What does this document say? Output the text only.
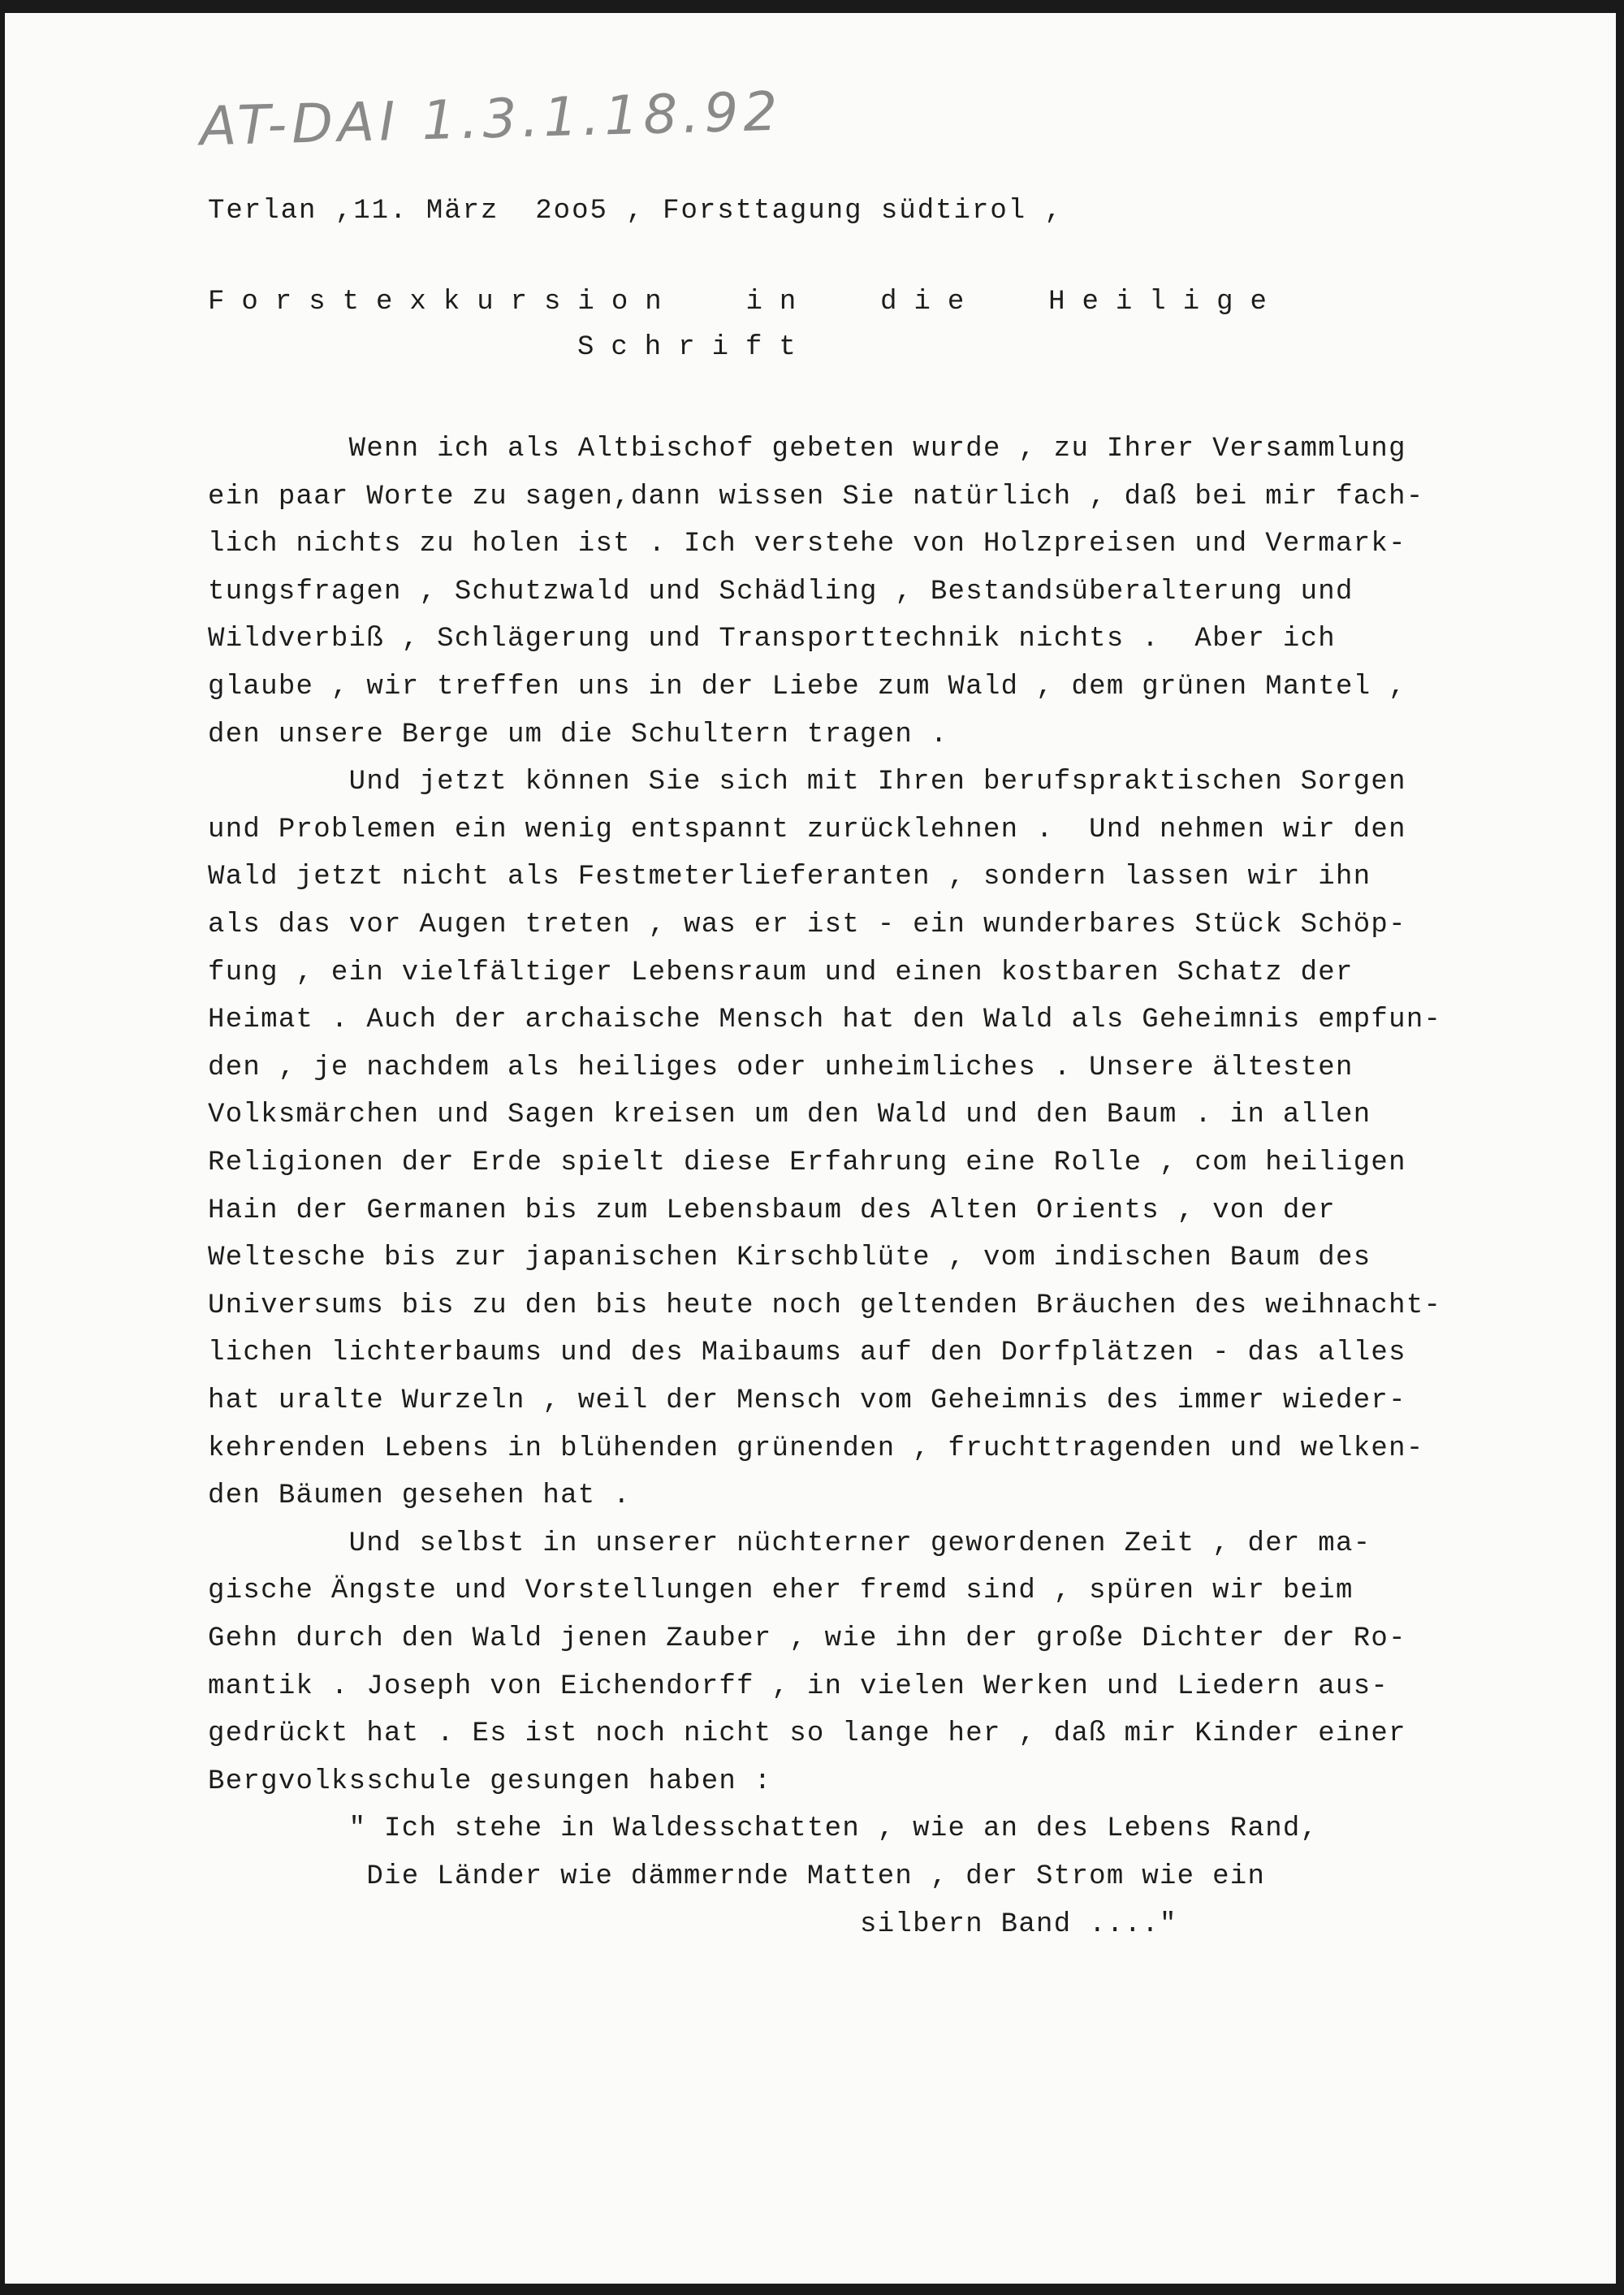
AT-DAI 1.3.1.18.92
Terlan ,11. März  2oo5 , Forsttagung südtirol ,
Forstexkursion  in  die  Heilige
Schrift
Wenn ich als Altbischof gebeten wurde , zu Ihrer Versammlung
ein paar Worte zu sagen,dann wissen Sie natürlich , daß bei mir fach-
lich nichts zu holen ist . Ich verstehe von Holzpreisen und Vermark-
tungsfragen , Schutzwald und Schädling , Bestandsüberalterung und
Wildverbiß , Schlägerung und Transporttechnik nichts .  Aber ich
glaube , wir treffen uns in der Liebe zum Wald , dem grünen Mantel ,
den unsere Berge um die Schultern tragen .
Und jetzt können Sie sich mit Ihren berufspraktischen Sorgen
und Problemen ein wenig entspannt zurücklehnen .  Und nehmen wir den
Wald jetzt nicht als Festmeterlieferanten , sondern lassen wir ihn
als das vor Augen treten , was er ist - ein wunderbares Stück Schöp-
fung , ein vielfältiger Lebensraum und einen kostbaren Schatz der
Heimat . Auch der archaische Mensch hat den Wald als Geheimnis empfun-
den , je nachdem als heiliges oder unheimliches . Unsere ältesten
Volksmärchen und Sagen kreisen um den Wald und den Baum . in allen
Religionen der Erde spielt diese Erfahrung eine Rolle , com heiligen
Hain der Germanen bis zum Lebensbaum des Alten Orients , von der
Weltesche bis zur japanischen Kirschblüte , vom indischen Baum des
Universums bis zu den bis heute noch geltenden Bräuchen des weihnacht-
lichen lichterbaums und des Maibaums auf den Dorfplätzen - das alles
hat uralte Wurzeln , weil der Mensch vom Geheimnis des immer wieder-
kehrenden Lebens in blühenden grünenden , fruchttragenden und welken-
den Bäumen gesehen hat .
Und selbst in unserer nüchterner gewordenen Zeit , der ma-
gische Ängste und Vorstellungen eher fremd sind , spüren wir beim
Gehn durch den Wald jenen Zauber , wie ihn der große Dichter der Ro-
mantik . Joseph von Eichendorff , in vielen Werken und Liedern aus-
gedrückt hat . Es ist noch nicht so lange her , daß mir Kinder einer
Bergvolksschule gesungen haben :
" Ich stehe in Waldesschatten , wie an des Lebens Rand,
Die Länder wie dämmernde Matten , der Strom wie ein
silbern Band ...."
